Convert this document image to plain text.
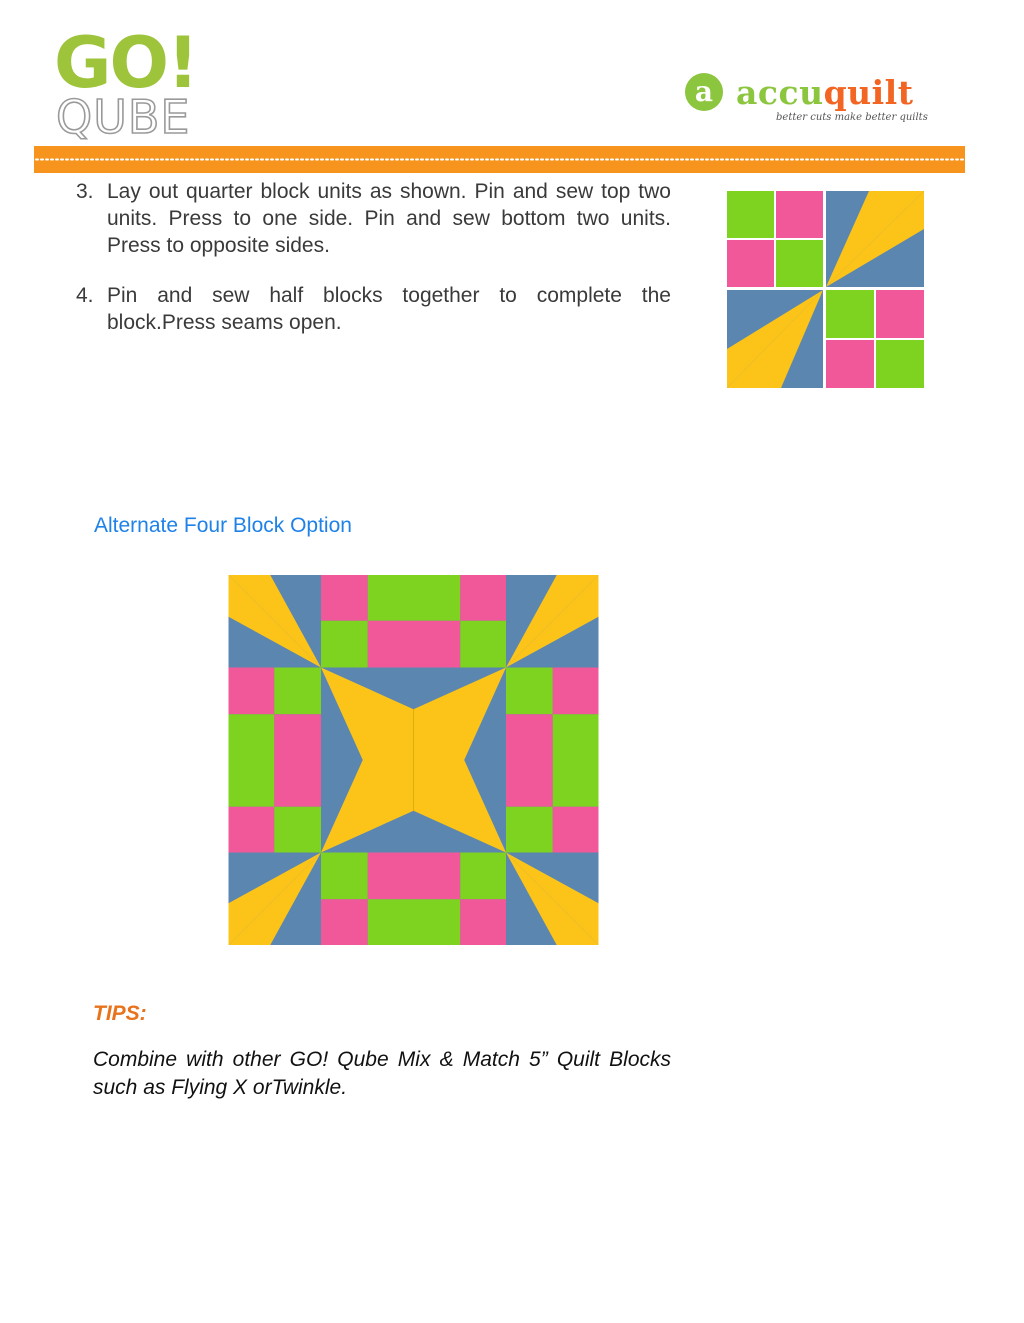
GO!
QUBE	a accuquilt
better cuts make better quilts
3. Lay out quarter block units as shown. Pin and sew top two units. Press to one side. Pin and sew bottom two units. Press to opposite sides.
4. Pin and sew half blocks together to complete the block.Press seams open.
Alternate Four Block Option
TIPS:

Combine with other GO! Qube Mix & Match 5” Quilt Blocks such as Flying X orTwinkle.
